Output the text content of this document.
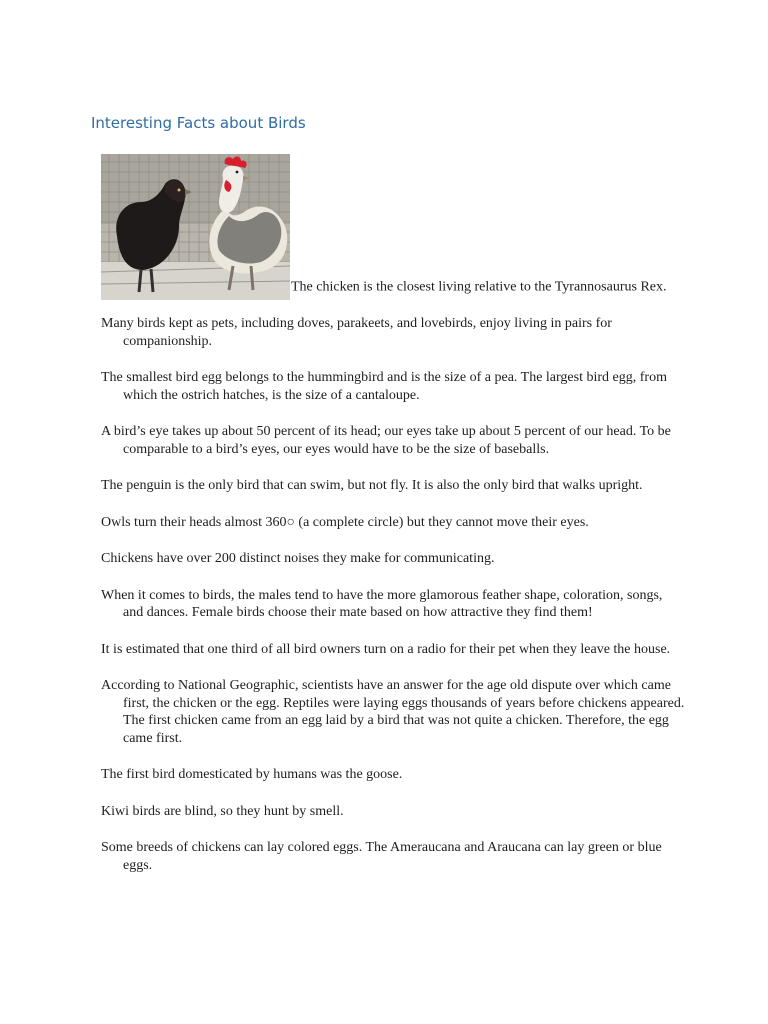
Interesting Facts about Birds
The chicken is the closest living relative to the Tyrannosaurus Rex.
Many birds kept as pets, including doves, parakeets, and lovebirds, enjoy living in pairs for companionship.
The smallest bird egg belongs to the hummingbird and is the size of a pea. The largest bird egg, from which the ostrich hatches, is the size of a cantaloupe.
A bird’s eye takes up about 50 percent of its head; our eyes take up about 5 percent of our head. To be comparable to a bird’s eyes, our eyes would have to be the size of baseballs.
The penguin is the only bird that can swim, but not fly. It is also the only bird that walks upright.
Owls turn their heads almost 360○ (a complete circle) but they cannot move their eyes.
Chickens have over 200 distinct noises they make for communicating.
When it comes to birds, the males tend to have the more glamorous feather shape, coloration, songs, and dances. Female birds choose their mate based on how attractive they find them!
It is estimated that one third of all bird owners turn on a radio for their pet when they leave the house.
According to National Geographic, scientists have an answer for the age old dispute over which came first, the chicken or the egg. Reptiles were laying eggs thousands of years before chickens appeared. The first chicken came from an egg laid by a bird that was not quite a chicken. Therefore, the egg came first.
The first bird domesticated by humans was the goose.
Kiwi birds are blind, so they hunt by smell.
Some breeds of chickens can lay colored eggs. The Ameraucana and Araucana can lay green or blue eggs.
